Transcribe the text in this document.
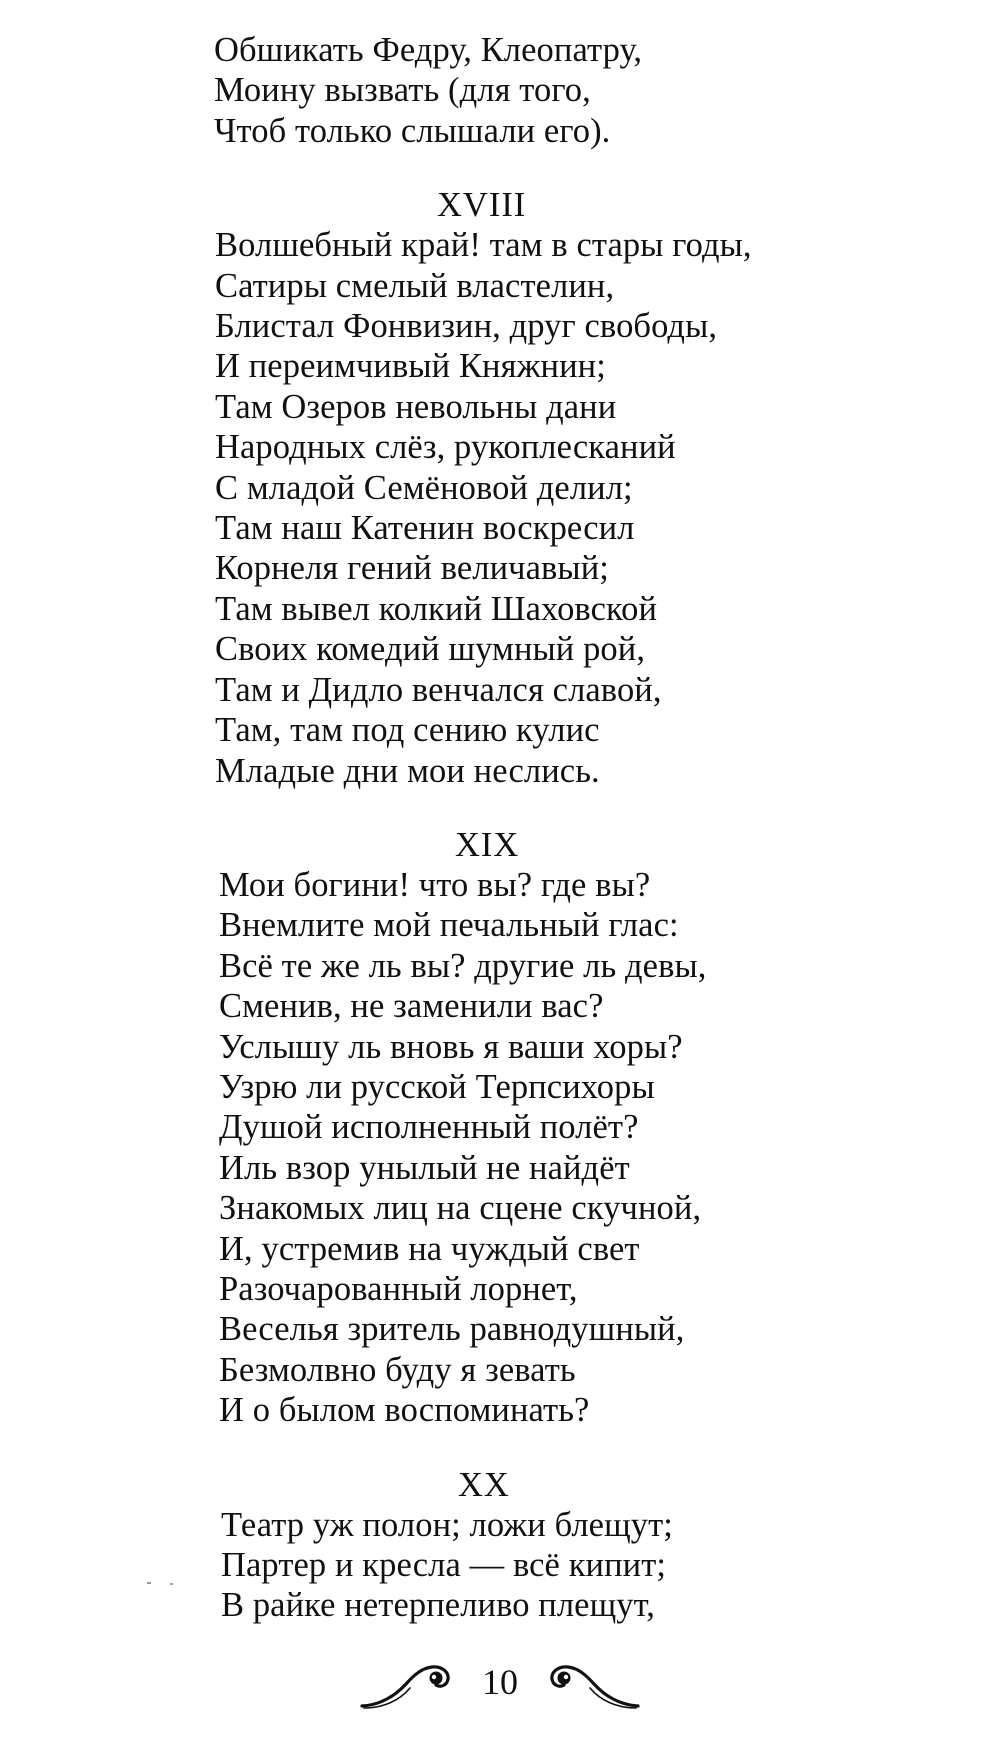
Обшикать Федру, Клеопатру,
Моину вызвать (для того,
Чтоб только слышали его).
XVIII
Волшебный край! там в стары годы,
Сатиры смелый властелин,
Блистал Фонвизин, друг свободы,
И переимчивый Княжнин;
Там Озеров невольны дани
Народных слёз, рукоплесканий
С младой Семёновой делил;
Там наш Катенин воскресил
Корнеля гений величавый;
Там вывел колкий Шаховской
Своих комедий шумный рой,
Там и Дидло венчался славой,
Там, там под сению кулис
Младые дни мои неслись.
XIX
Мои богини! что вы? где вы?
Внемлите мой печальный глас:
Всё те же ль вы? другие ль девы,
Сменив, не заменили вас?
Услышу ль вновь я ваши хоры?
Узрю ли русской Терпсихоры
Душой исполненный полёт?
Иль взор унылый не найдёт
Знакомых лиц на сцене скучной,
И, устремив на чуждый свет
Разочарованный лорнет,
Веселья зритель равнодушный,
Безмолвно буду я зевать
И о былом воспоминать?
XX
Театр уж полон; ложи блещут;
Партер и кресла — всё кипит;
В райке нетерпеливо плещут,
10
